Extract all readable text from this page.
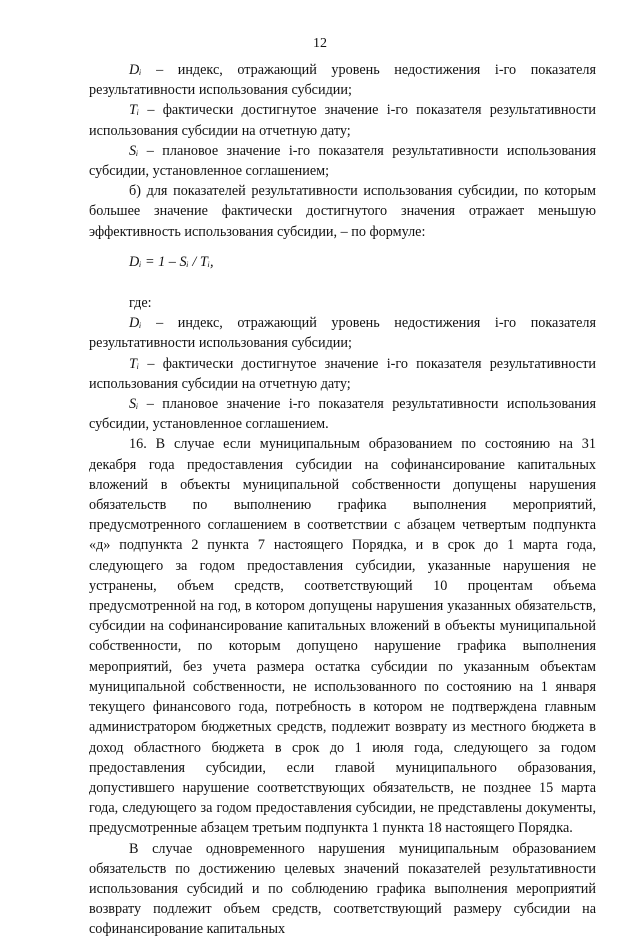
12

Dᵢ – индекс, отражающий уровень недостижения i-го показателя результативности использования субсидии;

Tᵢ – фактически достигнутое значение i-го показателя результативности использования субсидии на отчетную дату;

Sᵢ – плановое значение i-го показателя результативности использования субсидии, установленное соглашением;

б) для показателей результативности использования субсидии, по которым большее значение фактически достигнутого значения отражает меньшую эффективность использования субсидии, – по формуле:

Dᵢ = 1 – Sᵢ / Tᵢ,

где:

Dᵢ – индекс, отражающий уровень недостижения i-го показателя результативности использования субсидии;

Tᵢ – фактически достигнутое значение i-го показателя результативности использования субсидии на отчетную дату;

Sᵢ – плановое значение i-го показателя результативности использования субсидии, установленное соглашением.

16. В случае если муниципальным образованием по состоянию на 31 декабря года предоставления субсидии на софинансирование капитальных вложений в объекты муниципальной собственности допущены нарушения обязательств по выполнению графика выполнения мероприятий, предусмотренного соглашением в соответствии с абзацем четвертым подпункта «д» подпункта 2 пункта 7 настоящего Порядка, и в срок до 1 марта года, следующего за годом предоставления субсидии, указанные нарушения не устранены, объем средств, соответствующий 10 процентам объема предусмотренной на год, в котором допущены нарушения указанных обязательств, субсидии на софинансирование капитальных вложений в объекты муниципальной собственности, по которым допущено нарушение графика выполнения мероприятий, без учета размера остатка субсидии по указанным объектам муниципальной собственности, не использованного по состоянию на 1 января текущего финансового года, потребность в котором не подтверждена главным администратором бюджетных средств, подлежит возврату из местного бюджета в доход областного бюджета в срок до 1 июля года, следующего за годом предоставления субсидии, если главой муниципального образования, допустившего нарушение соответствующих обязательств, не позднее 15 марта года, следующего за годом предоставления субсидии, не представлены документы, предусмотренные абзацем третьим подпункта 1 пункта 18 настоящего Порядка.

В случае одновременного нарушения муниципальным образованием обязательств по достижению целевых значений показателей результативности использования субсидий и по соблюдению графика выполнения мероприятий возврату подлежит объем средств, соответствующий размеру субсидии на софинансирование капитальных
